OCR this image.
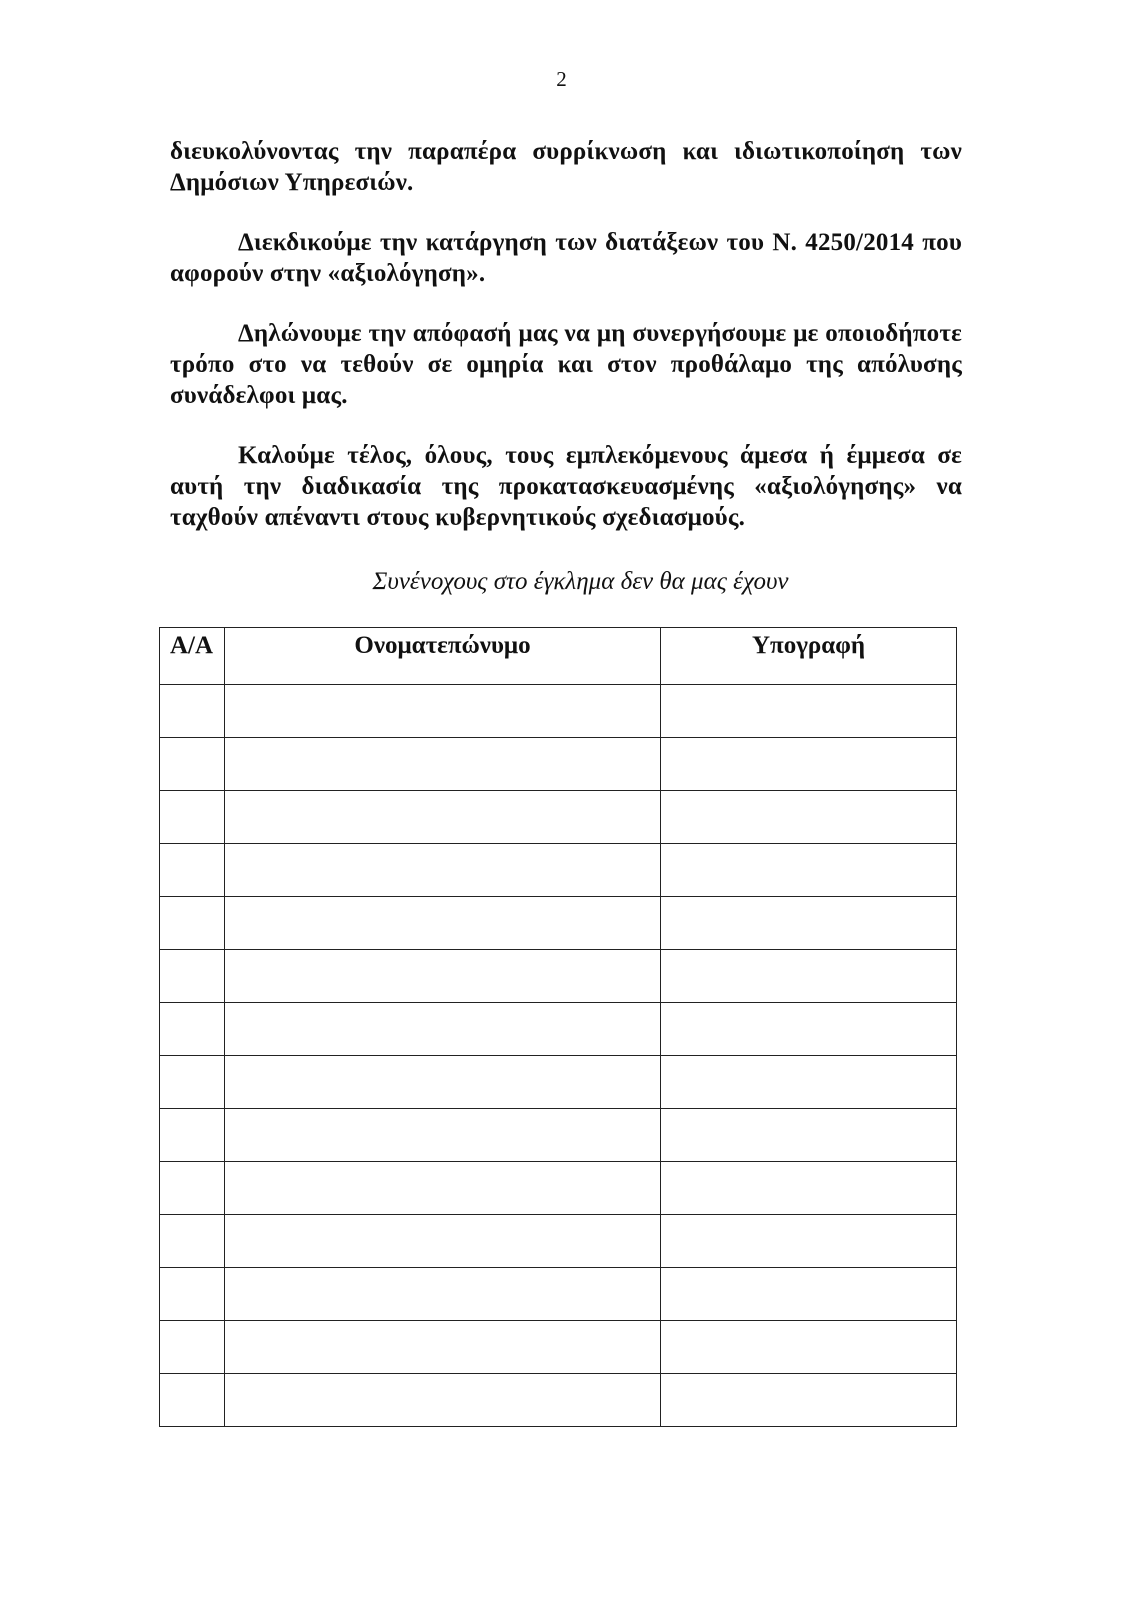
2

διευκολύνοντας την παραπέρα συρρίκνωση και ιδιωτικοποίηση των Δημόσιων Υπηρεσιών.

Διεκδικούμε την κατάργηση των διατάξεων του Ν. 4250/2014 που αφορούν στην «αξιολόγηση».

Δηλώνουμε την απόφασή μας να μη συνεργήσουμε με οποιοδήποτε τρόπο στο να τεθούν σε ομηρία και στον προθάλαμο της απόλυσης συνάδελφοι μας.

Καλούμε τέλος, όλους, τους εμπλεκόμενους άμεσα ή έμμεσα σε αυτή την διαδικασία της προκατασκευασμένης «αξιολόγησης» να ταχθούν απέναντι στους κυβερνητικούς σχεδιασμούς.

Συνένοχους στο έγκλημα δεν θα μας έχουν
Α/Α	Ονοματεπώνυμο	Υπογραφή
